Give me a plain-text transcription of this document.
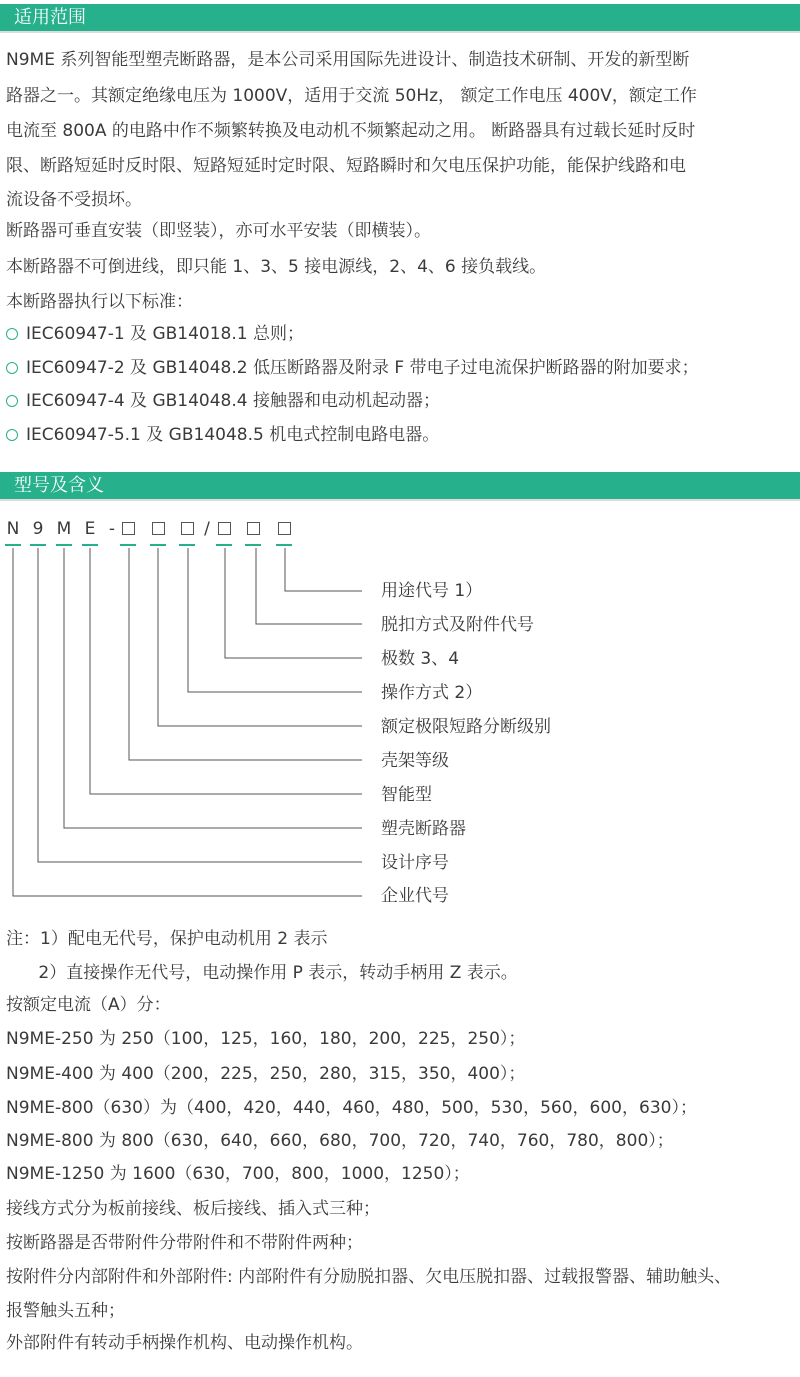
适用范围
N9ME 系列智能型塑壳断路器，是本公司采用国际先进设计、制造技术研制、开发的新型断
路器之一。其额定绝缘电压为 1000V，适用于交流 50Hz， 额定工作电压 400V，额定工作
电流至 800A 的电路中作不频繁转换及电动机不频繁起动之用。 断路器具有过载长延时反时
限、断路短延时反时限、短路短延时定时限、短路瞬时和欠电压保护功能，能保护线路和电
流设备不受损坏。
断路器可垂直安装（即竖装），亦可水平安装（即横装）。
本断路器不可倒进线，即只能 1、3、5 接电源线，2、4、6 接负载线。
本断路器执行以下标准：
IEC60947-1 及 GB14018.1 总则；
IEC60947-2 及 GB14048.2 低压断路器及附录 F 带电子过电流保护断路器的附加要求；
IEC60947-4 及 GB14048.4 接触器和电动机起动器；
IEC60947-5.1 及 GB14048.5 机电式控制电路电器。
型号及含义
N 9 M E -	/
用途代号 1）
脱扣方式及附件代号
极数 3、4
操作方式 2）
额定极限短路分断级别
壳架等级
智能型
塑壳断路器
设计序号
企业代号
注：1）配电无代号，保护电动机用 2 表示
2）直接操作无代号，电动操作用 P 表示，转动手柄用 Z 表示。
按额定电流（A）分：
N9ME-250 为 250（100，125，160，180，200，225，250）；
N9ME-400 为 400（200，225，250，280，315，350，400）；
N9ME-800（630）为（400，420，440，460，480，500，530，560，600，630）；
N9ME-800 为 800（630，640，660，680，700，720，740，760，780，800）；
N9ME-1250 为 1600（630，700，800，1000，1250）；
接线方式分为板前接线、板后接线、插入式三种；
按断路器是否带附件分带附件和不带附件两种；
按附件分内部附件和外部附件: 内部附件有分励脱扣器、欠电压脱扣器、过载报警器、辅助触头、
报警触头五种；
外部附件有转动手柄操作机构、电动操作机构。
